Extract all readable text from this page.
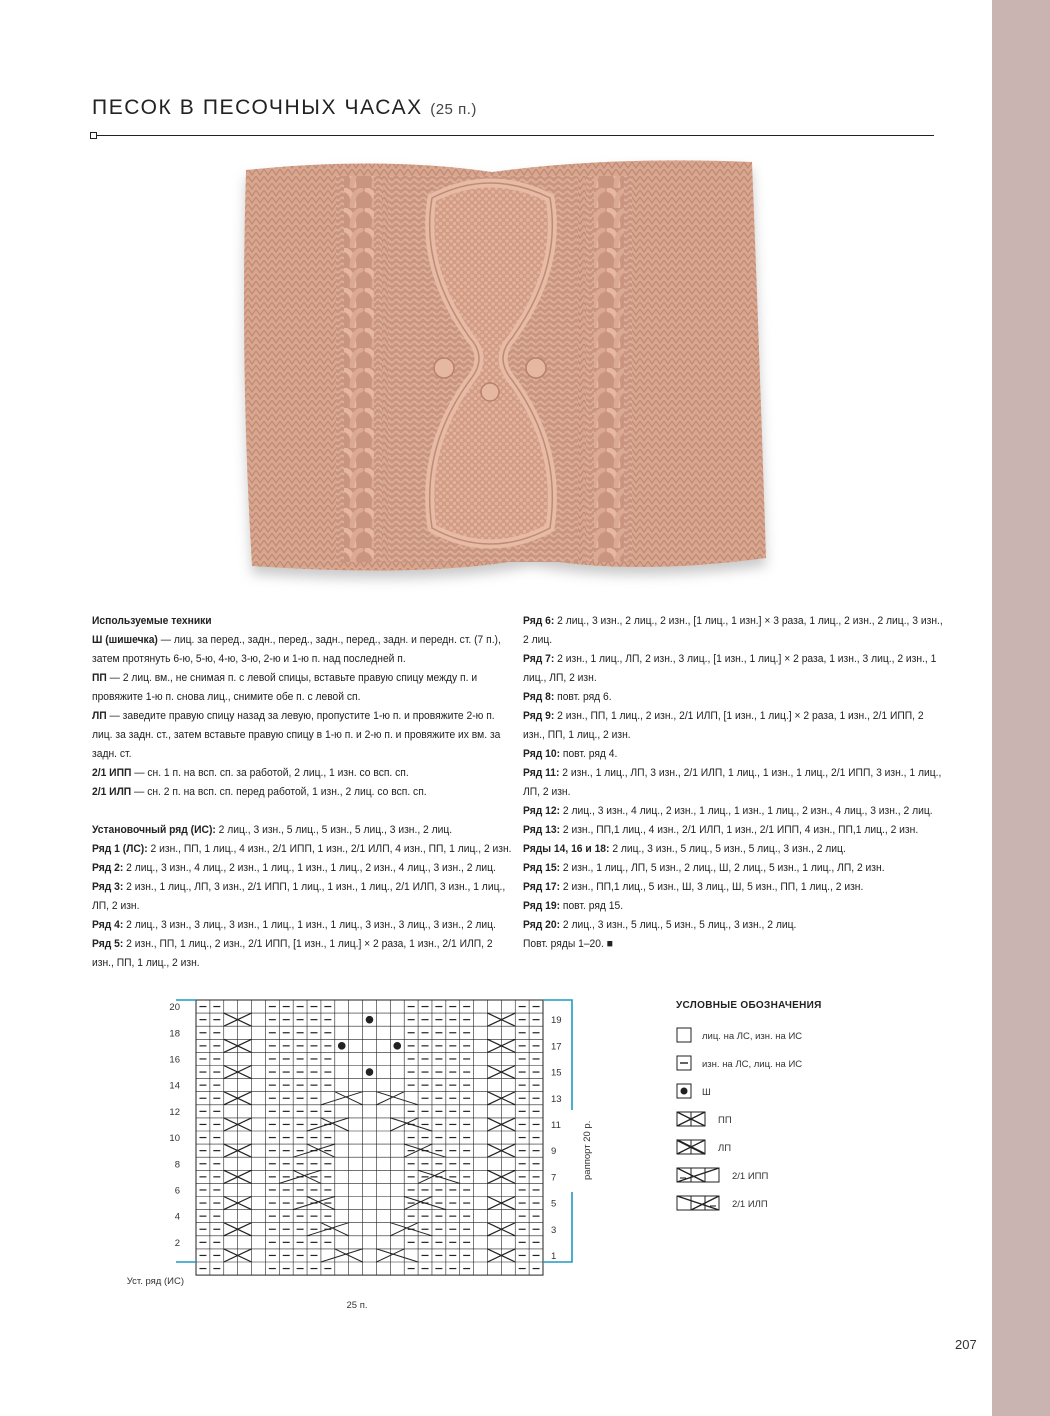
ПЕСОК В ПЕСОЧНЫХ ЧАСАХ (25 п.)
Используемые техники
Ш (шишечка) — лиц. за перед., задн., перед., задн., перед., задн. и передн. ст. (7 п.), затем протянуть 6-ю, 5-ю, 4-ю, 3-ю, 2-ю и 1-ю п. над последней п.
ПП — 2 лиц. вм., не снимая п. с левой спицы, вставьте правую спицу между п. и провяжите 1-ю п. снова лиц., снимите обе п. с левой сп.
ЛП — заведите правую спицу назад за левую, пропустите 1-ю п. и провяжите 2-ю п. лиц. за задн. ст., затем вставьте правую спицу в 1-ю п. и 2-ю п. и провяжите их вм. за задн. ст.
2/1 ИПП — сн. 1 п. на всп. сп. за работой, 2 лиц., 1 изн. со всп. сп.
2/1 ИЛП — сн. 2 п. на всп. сп. перед работой, 1 изн., 2 лиц. со всп. сп.
Установочный ряд (ИС): 2 лиц., 3 изн., 5 лиц., 5 изн., 5 лиц., 3 изн., 2 лиц.
Ряд 1 (ЛС): 2 изн., ПП, 1 лиц., 4 изн., 2/1 ИПП, 1 изн., 2/1 ИЛП, 4 изн., ПП, 1 лиц., 2 изн.
Ряд 2: 2 лиц., 3 изн., 4 лиц., 2 изн., 1 лиц., 1 изн., 1 лиц., 2 изн., 4 лиц., 3 изн., 2 лиц.
Ряд 3: 2 изн., 1 лиц., ЛП, 3 изн., 2/1 ИПП, 1 лиц., 1 изн., 1 лиц., 2/1 ИЛП, 3 изн., 1 лиц., ЛП, 2 изн.
Ряд 4: 2 лиц., 3 изн., 3 лиц., 3 изн., 1 лиц., 1 изн., 1 лиц., 3 изн., 3 лиц., 3 изн., 2 лиц.
Ряд 5: 2 изн., ПП, 1 лиц., 2 изн., 2/1 ИПП, [1 изн., 1 лиц.] × 2 раза, 1 изн., 2/1 ИЛП, 2 изн., ПП, 1 лиц., 2 изн.
Ряд 6: 2 лиц., 3 изн., 2 лиц., 2 изн., [1 лиц., 1 изн.] × 3 раза, 1 лиц., 2 изн., 2 лиц., 3 изн., 2 лиц.
Ряд 7: 2 изн., 1 лиц., ЛП, 2 изн., 3 лиц., [1 изн., 1 лиц.] × 2 раза, 1 изн., 3 лиц., 2 изн., 1 лиц., ЛП, 2 изн.
Ряд 8: повт. ряд 6.
Ряд 9: 2 изн., ПП, 1 лиц., 2 изн., 2/1 ИЛП, [1 изн., 1 лиц.] × 2 раза, 1 изн., 2/1 ИПП, 2 изн., ПП, 1 лиц., 2 изн.
Ряд 10: повт. ряд 4.
Ряд 11: 2 изн., 1 лиц., ЛП, 3 изн., 2/1 ИЛП, 1 лиц., 1 изн., 1 лиц., 2/1 ИПП, 3 изн., 1 лиц., ЛП, 2 изн.
Ряд 12: 2 лиц., 3 изн., 4 лиц., 2 изн., 1 лиц., 1 изн., 1 лиц., 2 изн., 4 лиц., 3 изн., 2 лиц.
Ряд 13: 2 изн., ПП,1 лиц., 4 изн., 2/1 ИЛП, 1 изн., 2/1 ИПП, 4 изн., ПП,1 лиц., 2 изн.
Ряды 14, 16 и 18: 2 лиц., 3 изн., 5 лиц., 5 изн., 5 лиц., 3 изн., 2 лиц.
Ряд 15: 2 изн., 1 лиц., ЛП, 5 изн., 2 лиц., Ш, 2 лиц., 5 изн., 1 лиц., ЛП, 2 изн.
Ряд 17: 2 изн., ПП,1 лиц., 5 изн., Ш, 3 лиц., Ш, 5 изн., ПП, 1 лиц., 2 изн.
Ряд 19: повт. ряд 15.
Ряд 20: 2 лиц., 3 изн., 5 лиц., 5 изн., 5 лиц., 3 изн., 2 лиц.
Повт. ряды 1–20. ■
20
18
16
14
12
10
8
6
4
2
19
17
15
13
11
9
7
5
3
1
Уст. ряд (ИС)
25 п.
раппорт 20 р.
УСЛОВНЫЕ ОБОЗНАЧЕНИЯ
лиц. на ЛС, изн. на ИС
изн. на ЛС, лиц. на ИС
Ш
ПП
ЛП
2/1 ИПП
2/1 ИЛП
207
